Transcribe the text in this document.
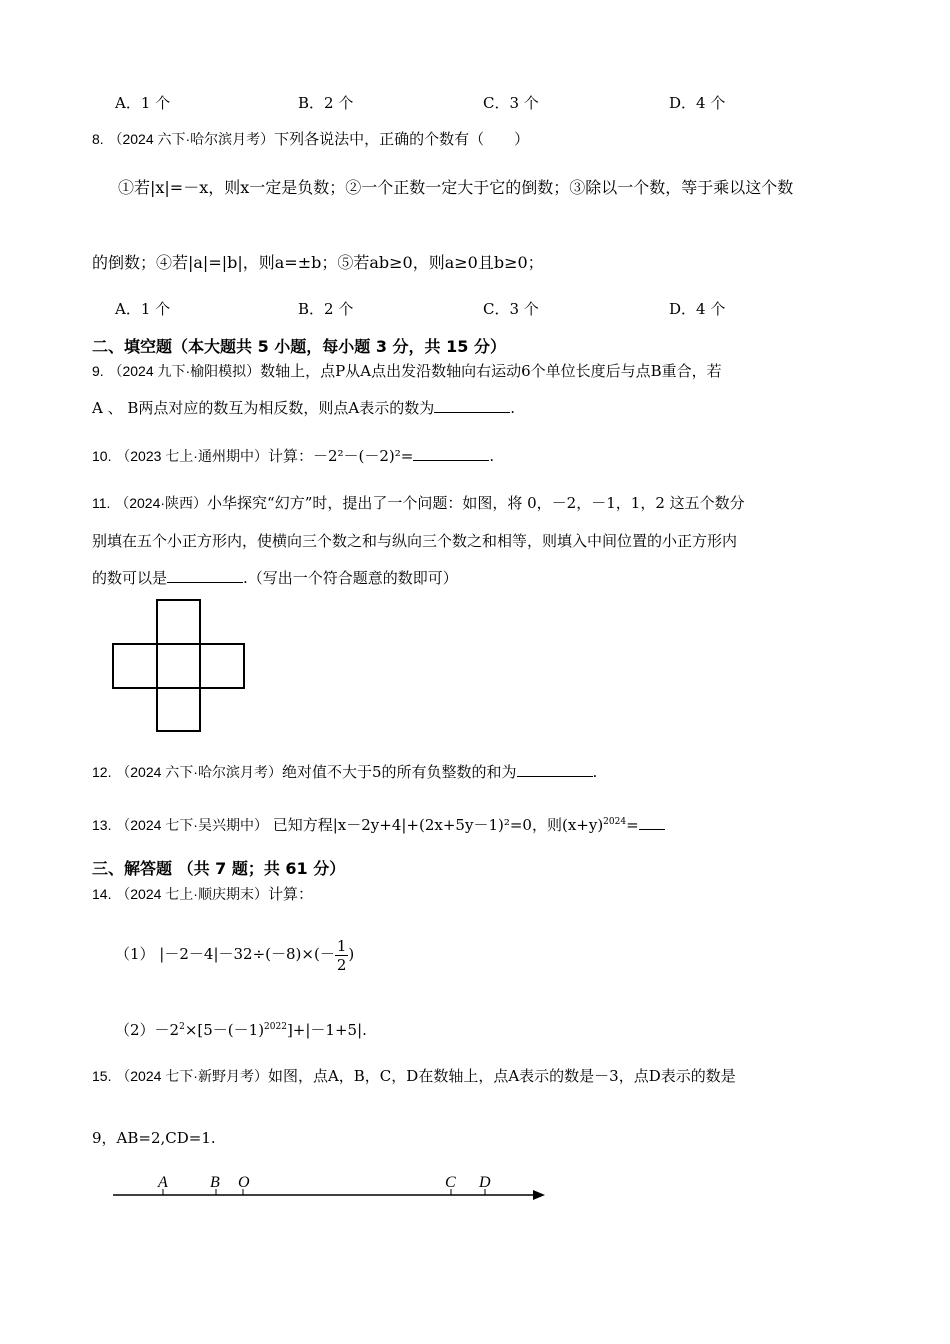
A．1 个	B．2 个	C．3 个	D．4 个
8. （2024 六下·哈尔滨月考）下列各说法中，正确的个数有（　　）
①若|x|=－x，则x一定是负数；②一个正数一定大于它的倒数；③除以一个数，等于乘以这个数
的倒数；④若|a|=|b|，则a=±b；⑤若ab≥0，则a≥0且b≥0；
A．1 个	B．2 个	C．3 个	D．4 个
二、填空题（本大题共 5 小题，每小题 3 分，共 15 分）
9. （2024 九下·榆阳模拟）数轴上，点P从A点出发沿数轴向右运动6个单位长度后与点B重合，若
A 、 B两点对应的数互为相反数，则点A表示的数为	.
10. （2023 七上·通州期中）计算：－2²－(－2)²=	.
11. （2024·陕西）小华探究“幻方”时，提出了一个问题：如图，将 0，－2，－1，1，2 这五个数分
别填在五个小正方形内，使横向三个数之和与纵向三个数之和相等，则填入中间位置的小正方形内
的数可以是	.（写出一个符合题意的数即可）
12. （2024 六下·哈尔滨月考）绝对值不大于5的所有负整数的和为	.
13. （2024 七下·吴兴期中） 已知方程|x－2y+4|+(2x+5y－1)²=0，则$(x+y)^{2024}=$
三、解答题 （共 7 题；共 61 分）
14. （2024 七上·顺庆期末）计算：
（1） $|-2-4|-32\div(-8)\times(- \frac{1}{2}$ )
$(2)-2^2\times[5-(-1)^{2022}]+|-1+5|$.
15. （2024 七下·新野月考）如图，点A，B，C，D在数轴上，点A表示的数是－3，点D表示的数是
9，AB=2,CD=1.
A	B O	C D
